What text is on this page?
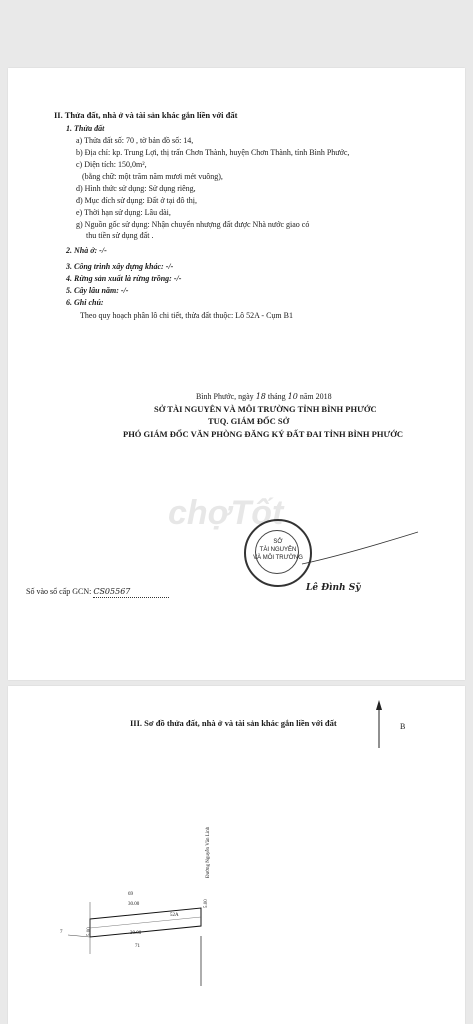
II. Thửa đất, nhà ở và tài sản khác gắn liền với đất
1. Thửa đất
a) Thửa đất số: 70 , tờ bản đồ số: 14,
b) Địa chỉ: kp. Trung Lợi, thị trấn Chơn Thành, huyện Chơn Thành, tỉnh Bình Phước,
c) Diện tích: 150,0m²,
(bằng chữ: một trăm năm mươi mét vuông),
d) Hình thức sử dụng: Sử dụng riêng,
đ) Mục đích sử dụng: Đất ở tại đô thị,
e) Thời hạn sử dụng: Lâu dài,
g) Nguồn gốc sử dụng: Nhận chuyển nhượng đất được Nhà nước giao có
thu tiền sử dụng đất .
2. Nhà ở: -/-
3. Công trình xây dựng khác: -/-
4. Rừng sản xuất là rừng trồng: -/-
5. Cây lâu năm: -/-
6. Ghi chú:
Theo quy hoạch phân lô chi tiết, thửa đất thuộc: Lô 52A - Cụm B1
Bình Phước, ngày 18 tháng 10 năm 2018
SỞ TÀI NGUYÊN VÀ MÔI TRƯỜNG TỈNH BÌNH PHƯỚC
TUQ. GIÁM ĐỐC SỞ
PHÓ GIÁM ĐỐC VĂN PHÒNG ĐĂNG KÝ ĐẤT ĐAI TỈNH BÌNH PHƯỚC
chợTốt
SỞ
TÀI NGUYÊN
VÀ MÔI TRƯỜNG
Số vào sổ cấp GCN: CS05567	Lê Đình Sỹ
III. Sơ đồ thửa đất, nhà ở và tài sản khác gắn liền với đất	B
Đường Nguyễn Văn Linh
69
30.00
52A
5.00
5.00	30.00
7
71
